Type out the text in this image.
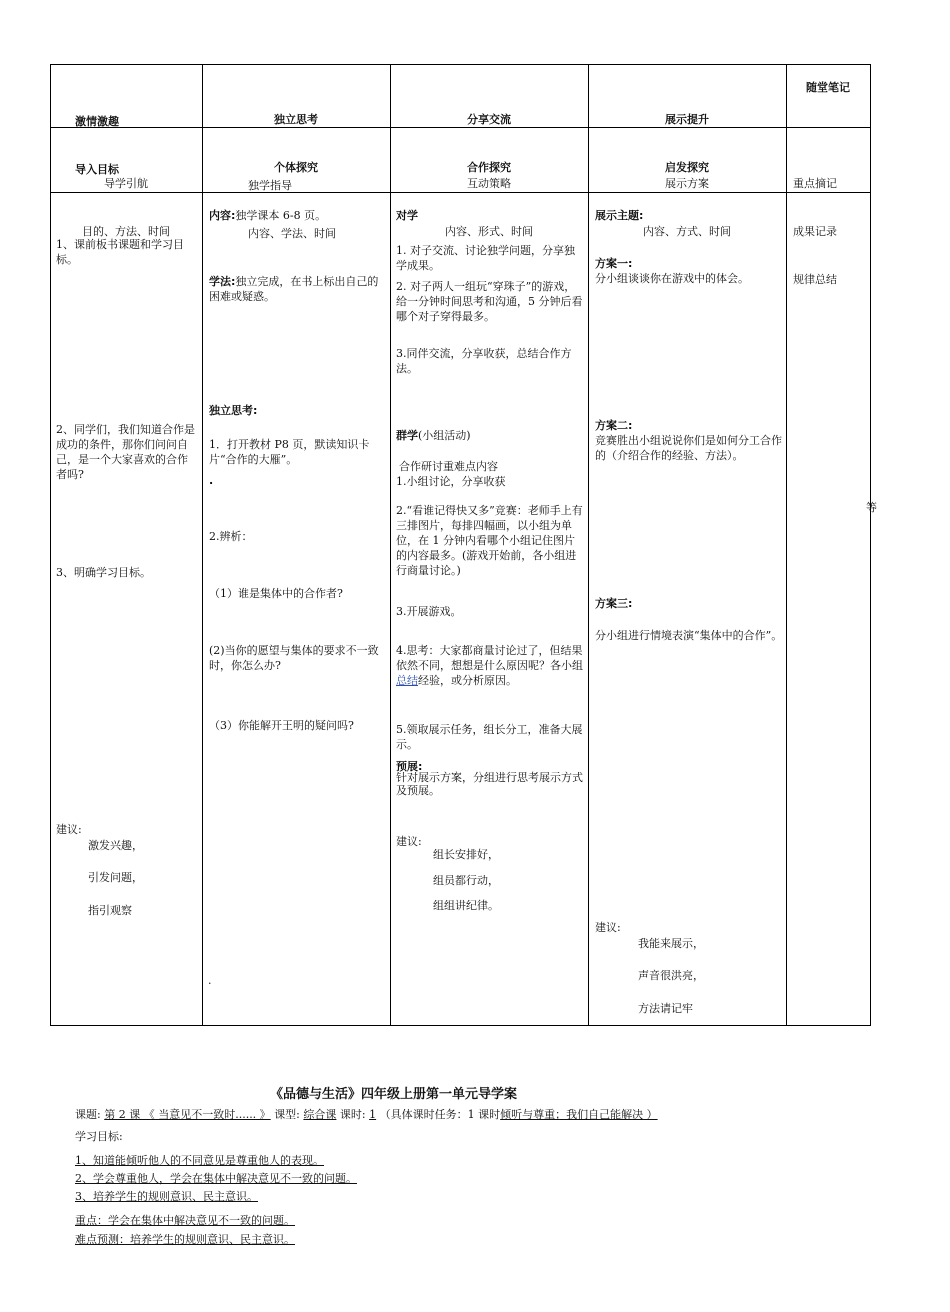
激情激趣

导入目标

独立思考

个体探究

分享交流

合作探究

展示提升

启发探究

随堂笔记

导学引航

目的、方法、时间

独学指导

内容、学法、时间

互动策略

内容、形式、时间

展示方案

内容、方式、时间

重点摘记

成果记录

规律总结

1、课前板书课题和学习目标。
2、同学们，我们知道合作是成功的条件，那你们问问自己，是一个大家喜欢的合作者吗?
3、明确学习目标。
建议:
激发兴趣，
引发问题，
指引观察
.
内容:独学课本 6-8 页。
学法:独立完成，在书上标出自己的困难或疑惑。
独立思考:
1．打开教材 P8 页，默读知识卡片“合作的大雁”。
.
2.辨析：
（1）谁是集体中的合作者?
(2)当你的愿望与集体的要求不一致时，你怎么办?
（3）你能解开王明的疑问吗?
对学
1. 对子交流、讨论独学问题，分享独学成果。
2. 对子两人一组玩“穿珠子”的游戏，给一分钟时间思考和沟通，5 分钟后看哪个对子穿得最多。
3.同伴交流，分享收获，总结合作方法。
群学(小组活动)
合作研讨重难点内容
1.小组讨论，分享收获
2.“看谁记得快又多”竞赛：老师手上有三排图片，每排四幅画，以小组为单位，在 1 分钟内看哪个小组记住图片的内容最多。(游戏开始前，各小组进行商量讨论。)
3.开展游戏。
4.思考：大家都商量讨论过了，但结果依然不同，想想是什么原因呢？各小组总结经验，或分析原因。
5.领取展示任务，组长分工，准备大展示。
预展:
针对展示方案，分组进行思考展示方式及预展。
建议:
组长安排好，
组员都行动，
组组讲纪律。
展示主题:
方案一:
分小组谈谈你在游戏中的体会。
方案二:
竞赛胜出小组说说你们是如何分工合作的（介绍合作的经验、方法）。
方案三:
分小组进行情境表演“集体中的合作”。
建议:
我能来展示，
声音很洪亮，
方法请记牢
等
《品德与生活》四年级上册第一单元导学案
课题: 第 2 课 《 当意见不一致时...... 》 课型: 综合课 课时: 1 （具体课时任务：1 课时倾听与尊重；我们自己能解决 ）
学习目标:
1、知道能倾听他人的不同意见是尊重他人的表现。
2、学会尊重他人，学会在集体中解决意见不一致的问题。
3、培养学生的规则意识、民主意识。
重点：学会在集体中解决意见不一致的问题。
难点预测：培养学生的规则意识、民主意识。
